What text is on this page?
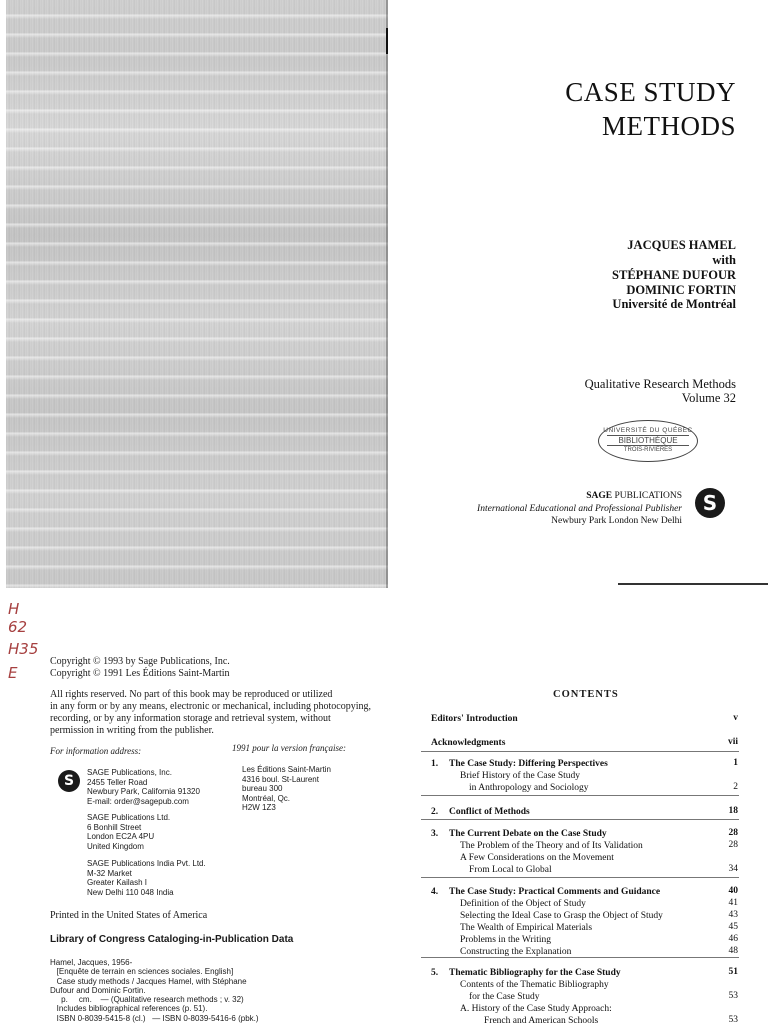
CASE STUDY
METHODS
JACQUES HAMEL
with
STÉPHANE DUFOUR
DOMINIC FORTIN
Université de Montréal
Qualitative Research Methods
Volume 32
UNIVERSITÉ DU QUÉBEC
BIBLIOTHÈQUE
TROIS-RIVIÈRES
SAGE PUBLICATIONS
International Educational and Professional Publisher
Newbury Park London New Delhi
S
H
62
H35
E
Copyright © 1993 by Sage Publications, Inc.
Copyright © 1991 Les Éditions Saint-Martin
All rights reserved. No part of this book may be reproduced or utilized
in any form or by any means, electronic or mechanical, including photocopying,
recording, or by any information storage and retrieval system, without
permission in writing from the publisher.
For information address:	1991 pour la version française:
S
SAGE Publications, Inc.
2455 Teller Road
Newbury Park, California 91320
E-mail: order@sagepub.com
Les Éditions Saint-Martin
4316 boul. St-Laurent
bureau 300
Montréal, Qc.
H2W 1Z3
SAGE Publications Ltd.
6 Bonhill Street
London EC2A 4PU
United Kingdom
SAGE Publications India Pvt. Ltd.
M-32 Market
Greater Kailash I
New Delhi 110 048 India
Printed in the United States of America
Library of Congress Cataloging-in-Publication Data
Hamel, Jacques, 1956-
[Enquête de terrain en sciences sociales. English]
Case study methods / Jacques Hamel, with Stéphane
Dufour and Dominic Fortin.
p.     cm.    — (Qualitative research methods ; v. 32)
Includes bibliographical references (p. 51).
ISBN 0-8039-5415-8 (cl.)   — ISBN 0-8039-5416-6 (pbk.)
CONTENTS
Editors' Introduction	v
Acknowledgments	vii
1. The Case Study: Differing Perspectives	1
Brief History of the Case Study
in Anthropology and Sociology	2
2. Conflict of Methods	18
3. The Current Debate on the Case Study	28
The Problem of the Theory and of Its Validation	28
A Few Considerations on the Movement
From Local to Global	34
4. The Case Study: Practical Comments and Guidance	40
Definition of the Object of Study	41
Selecting the Ideal Case to Grasp the Object of Study	43
The Wealth of Empirical Materials	45
Problems in the Writing	46
Constructing the Explanation	48
5. Thematic Bibliography for the Case Study	51
Contents of the Thematic Bibliography
for the Case Study	53
A. History of the Case Study Approach:
French and American Schools	53
